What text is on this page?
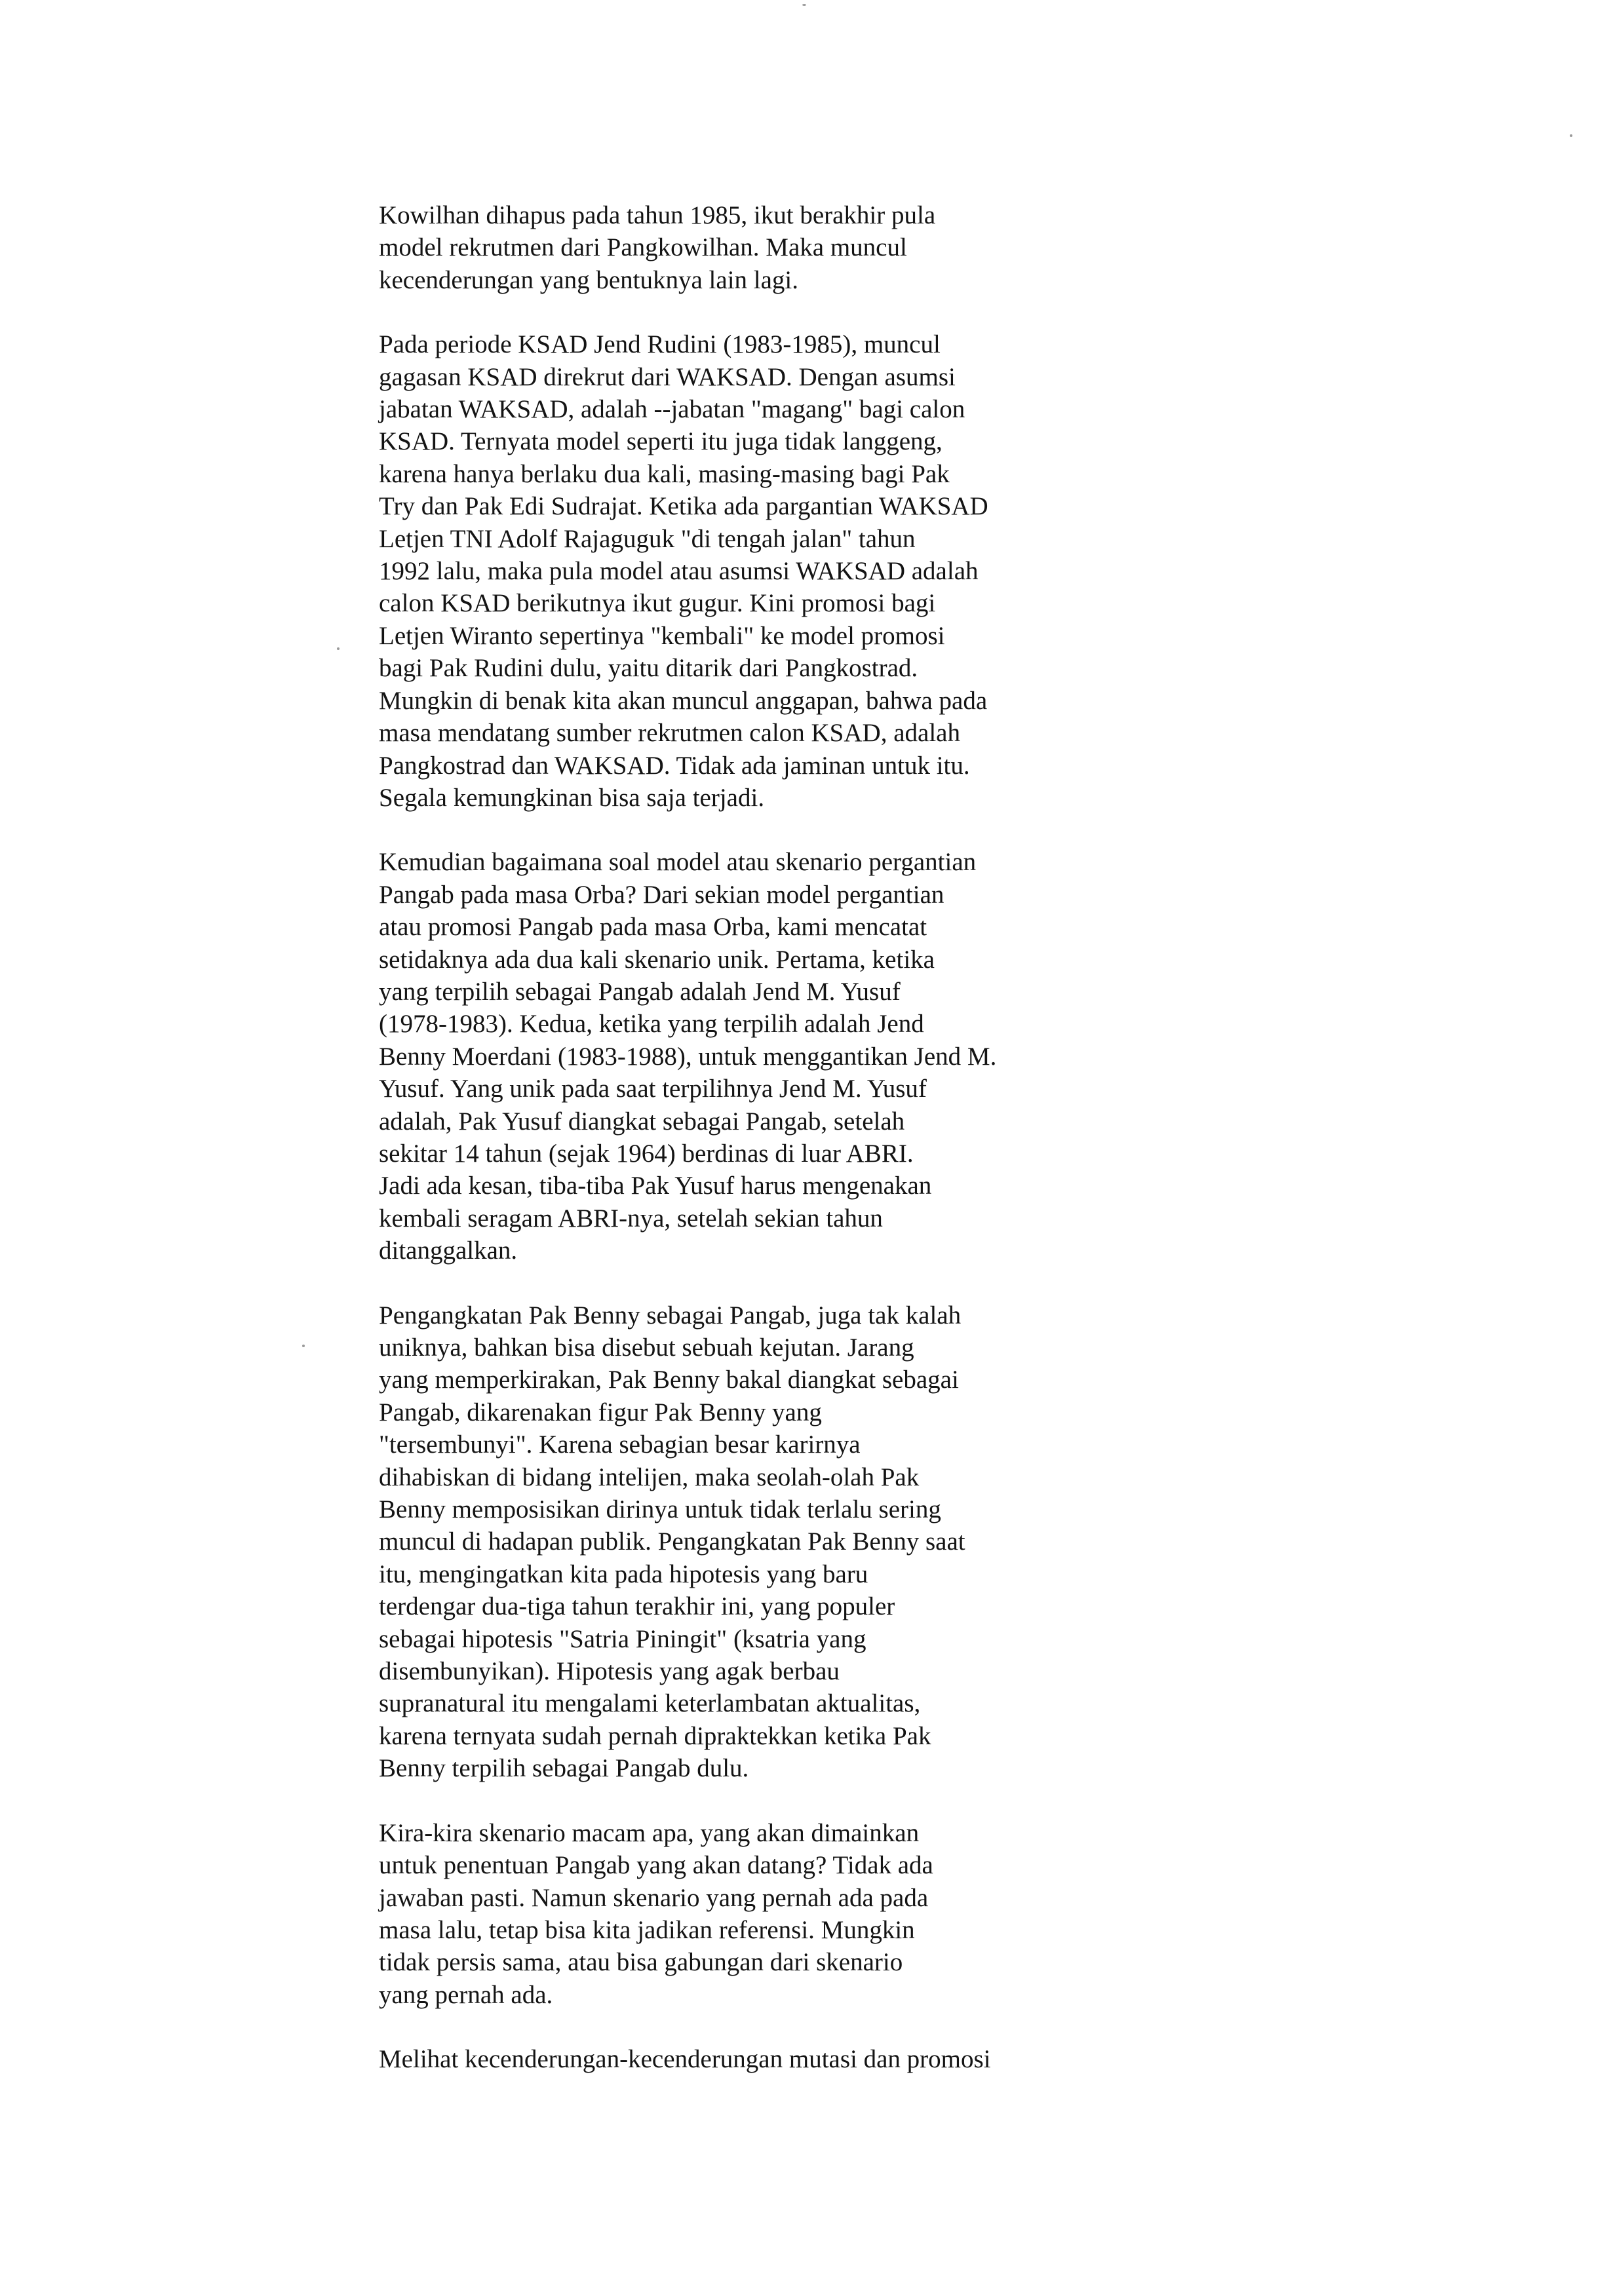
Kowilhan dihapus pada tahun 1985, ikut berakhir pula
model rekrutmen dari Pangkowilhan. Maka muncul
kecenderungan yang bentuknya lain lagi.
Pada periode KSAD Jend Rudini (1983-1985), muncul
gagasan KSAD direkrut dari WAKSAD. Dengan asumsi
jabatan WAKSAD, adalah --jabatan "magang" bagi calon
KSAD. Ternyata model seperti itu juga tidak langgeng,
karena hanya berlaku dua kali, masing-masing bagi Pak
Try dan Pak Edi Sudrajat. Ketika ada pargantian WAKSAD
Letjen TNI Adolf Rajaguguk "di tengah jalan" tahun
1992 lalu, maka pula model atau asumsi WAKSAD adalah
calon KSAD berikutnya ikut gugur. Kini promosi bagi
Letjen Wiranto sepertinya "kembali" ke model promosi
bagi Pak Rudini dulu, yaitu ditarik dari Pangkostrad.
Mungkin di benak kita akan muncul anggapan, bahwa pada
masa mendatang sumber rekrutmen calon KSAD, adalah
Pangkostrad dan WAKSAD. Tidak ada jaminan untuk itu.
Segala kemungkinan bisa saja terjadi.
Kemudian bagaimana soal model atau skenario pergantian
Pangab pada masa Orba? Dari sekian model pergantian
atau promosi Pangab pada masa Orba, kami mencatat
setidaknya ada dua kali skenario unik. Pertama, ketika
yang terpilih sebagai Pangab adalah Jend M. Yusuf
(1978-1983). Kedua, ketika yang terpilih adalah Jend
Benny Moerdani (1983-1988), untuk menggantikan Jend M.
Yusuf. Yang unik pada saat terpilihnya Jend M. Yusuf
adalah, Pak Yusuf diangkat sebagai Pangab, setelah
sekitar 14 tahun (sejak 1964) berdinas di luar ABRI.
Jadi ada kesan, tiba-tiba Pak Yusuf harus mengenakan
kembali seragam ABRI-nya, setelah sekian tahun
ditanggalkan.
Pengangkatan Pak Benny sebagai Pangab, juga tak kalah
uniknya, bahkan bisa disebut sebuah kejutan. Jarang
yang memperkirakan, Pak Benny bakal diangkat sebagai
Pangab, dikarenakan figur Pak Benny yang
"tersembunyi". Karena sebagian besar karirnya
dihabiskan di bidang intelijen, maka seolah-olah Pak
Benny memposisikan dirinya untuk tidak terlalu sering
muncul di hadapan publik. Pengangkatan Pak Benny saat
itu, mengingatkan kita pada hipotesis yang baru
terdengar dua-tiga tahun terakhir ini, yang populer
sebagai hipotesis "Satria Piningit" (ksatria yang
disembunyikan). Hipotesis yang agak berbau
supranatural itu mengalami keterlambatan aktualitas,
karena ternyata sudah pernah dipraktekkan ketika Pak
Benny terpilih sebagai Pangab dulu.
Kira-kira skenario macam apa, yang akan dimainkan
untuk penentuan Pangab yang akan datang? Tidak ada
jawaban pasti. Namun skenario yang pernah ada pada
masa lalu, tetap bisa kita jadikan referensi. Mungkin
tidak persis sama, atau bisa gabungan dari skenario
yang pernah ada.
Melihat kecenderungan-kecenderungan mutasi dan promosi
